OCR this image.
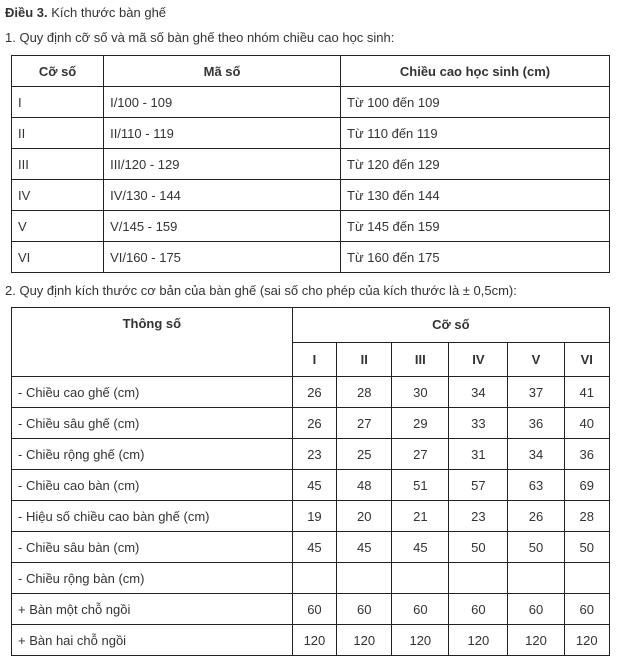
Điều 3. Kích thước bàn ghế
1. Quy định cỡ số và mã số bàn ghế theo nhóm chiều cao học sinh:
Cỡ số	Mã số	Chiều cao học sinh (cm)
I	I/100 - 109	Từ 100 đến 109
II	II/110 - 119	Từ 110 đến 119
III	III/120 - 129	Từ 120 đến 129
IV	IV/130 - 144	Từ 130 đến 144
V	V/145 - 159	Từ 145 đến 159
VI	VI/160 - 175	Từ 160 đến 175
2. Quy định kích thước cơ bản của bàn ghế (sai số cho phép của kích thước là ± 0,5cm):
Thông số	Cỡ số					
	I	II	III	IV	V	VI
- Chiều cao ghế (cm)	26	28	30	34	37	41
- Chiều sâu ghế (cm)	26	27	29	33	36	40
- Chiều rộng ghế (cm)	23	25	27	31	34	36
- Chiều cao bàn (cm)	45	48	51	57	63	69
- Hiệu số chiều cao bàn ghế (cm)	19	20	21	23	26	28
- Chiều sâu bàn (cm)	45	45	45	50	50	50
- Chiều rộng bàn (cm)						
+ Bàn một chỗ ngồi	60	60	60	60	60	60
+ Bàn hai chỗ ngồi	120	120	120	120	120	120
